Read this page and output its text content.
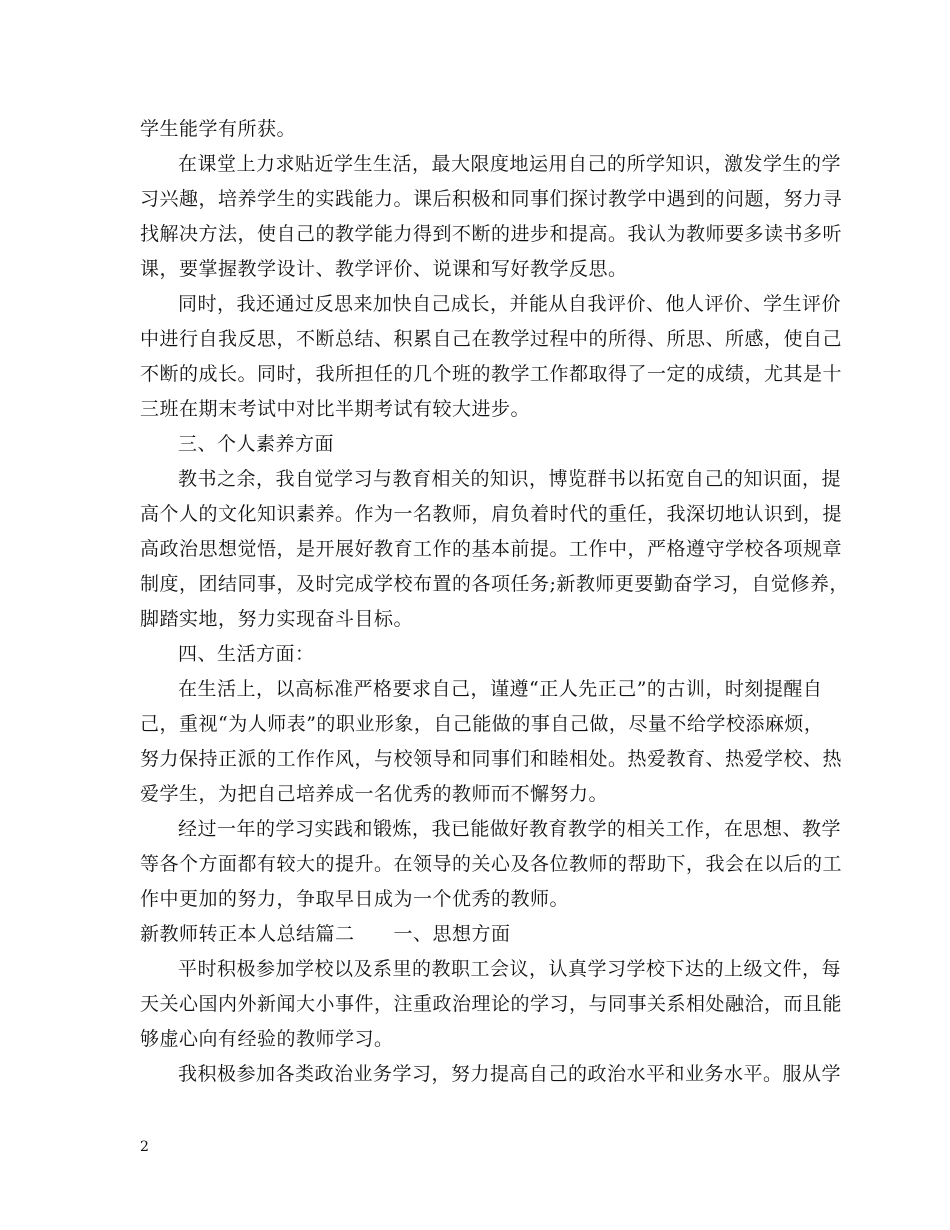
学生能学有所获。
在课堂上力求贴近学生生活，最大限度地运用自己的所学知识，激发学生的学
习兴趣，培养学生的实践能力。课后积极和同事们探讨教学中遇到的问题，努力寻
找解决方法，使自己的教学能力得到不断的进步和提高。我认为教师要多读书多听
课，要掌握教学设计、教学评价、说课和写好教学反思。
同时，我还通过反思来加快自己成长，并能从自我评价、他人评价、学生评价
中进行自我反思，不断总结、积累自己在教学过程中的所得、所思、所感，使自己
不断的成长。同时，我所担任的几个班的教学工作都取得了一定的成绩，尤其是十
三班在期末考试中对比半期考试有较大进步。
三、个人素养方面
教书之余，我自觉学习与教育相关的知识，博览群书以拓宽自己的知识面，提
高个人的文化知识素养。作为一名教师，肩负着时代的重任，我深切地认识到，提
高政治思想觉悟，是开展好教育工作的基本前提。工作中，严格遵守学校各项规章
制度，团结同事，及时完成学校布置的各项任务;新教师更要勤奋学习，自觉修养，
脚踏实地，努力实现奋斗目标。
四、生活方面：
在生活上，以高标准严格要求自己，谨遵“正人先正己”的古训，时刻提醒自
己，重视“为人师表”的职业形象，自己能做的事自己做，尽量不给学校添麻烦，
努力保持正派的工作作风，与校领导和同事们和睦相处。热爱教育、热爱学校、热
爱学生，为把自己培养成一名优秀的教师而不懈努力。
经过一年的学习实践和锻炼，我已能做好教育教学的相关工作，在思想、教学
等各个方面都有较大的提升。在领导的关心及各位教师的帮助下，我会在以后的工
作中更加的努力，争取早日成为一个优秀的教师。
新教师转正本人总结篇二　　一、思想方面
平时积极参加学校以及系里的教职工会议，认真学习学校下达的上级文件，每
天关心国内外新闻大小事件，注重政治理论的学习，与同事关系相处融洽，而且能
够虚心向有经验的教师学习。
我积极参加各类政治业务学习，努力提高自己的政治水平和业务水平。服从学
2
